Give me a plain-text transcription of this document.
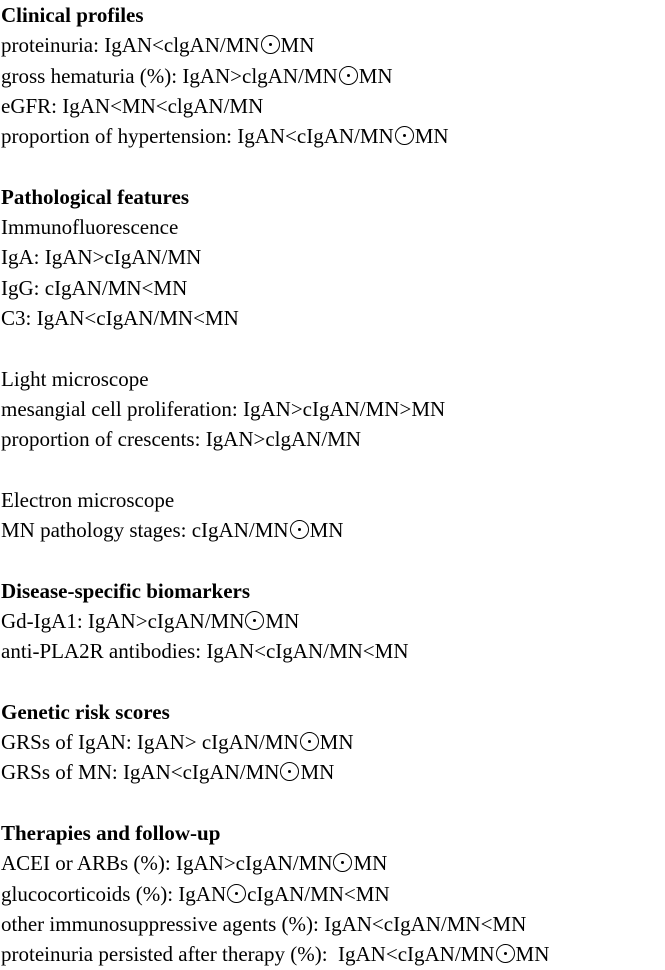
Clinical profiles
proteinuria: IgAN<clgAN/MN MN
gross hematuria (%): IgAN>clgAN/MN MN
eGFR: IgAN<MN<clgAN/MN
proportion of hypertension: IgAN<cIgAN/MN MN
Pathological features
Immunofluorescence
IgA: IgAN>cIgAN/MN
IgG: cIgAN/MN<MN
C3: IgAN<cIgAN/MN<MN
Light microscope
mesangial cell proliferation: IgAN>cIgAN/MN>MN
proportion of crescents: IgAN>clgAN/MN
Electron microscope
MN pathology stages: cIgAN/MN MN
Disease-specific biomarkers
Gd-IgA1: IgAN>cIgAN/MN MN
anti-PLA2R antibodies: IgAN<cIgAN/MN<MN
Genetic risk scores
GRSs of IgAN: IgAN> cIgAN/MN MN
GRSs of MN: IgAN<cIgAN/MN MN
Therapies and follow-up
ACEI or ARBs (%): IgAN>cIgAN/MN MN
glucocorticoids (%): IgAN cIgAN/MN<MN
other immunosuppressive agents (%): IgAN<cIgAN/MN<MN
proteinuria persisted after therapy (%):  IgAN<cIgAN/MN MN
